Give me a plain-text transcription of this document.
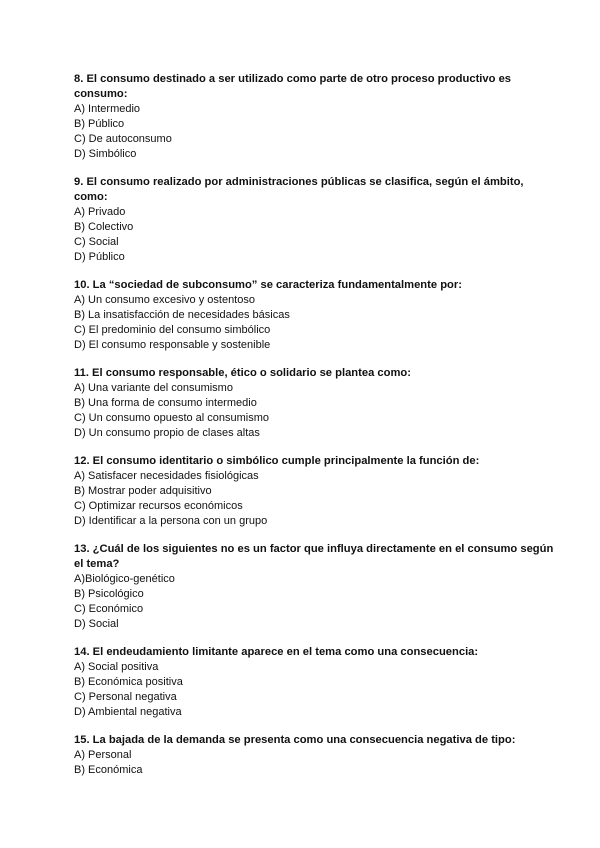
8. El consumo destinado a ser utilizado como parte de otro proceso productivo es consumo:

A) Intermedio

B) Público

C) De autoconsumo

D) Simbólico

9. El consumo realizado por administraciones públicas se clasifica, según el ámbito, como:

A) Privado

B) Colectivo

C) Social

D) Público

10. La “sociedad de subconsumo” se caracteriza fundamentalmente por:

A) Un consumo excesivo y ostentoso

B) La insatisfacción de necesidades básicas

C) El predominio del consumo simbólico

D) El consumo responsable y sostenible

11. El consumo responsable, ético o solidario se plantea como:

A) Una variante del consumismo

B) Una forma de consumo intermedio

C) Un consumo opuesto al consumismo

D) Un consumo propio de clases altas

12. El consumo identitario o simbólico cumple principalmente la función de:

A) Satisfacer necesidades fisiológicas

B) Mostrar poder adquisitivo

C) Optimizar recursos económicos

D) Identificar a la persona con un grupo

13. ¿Cuál de los siguientes no es un factor que influya directamente en el consumo según el tema?

A)Biológico-genético

B) Psicológico

C) Económico

D) Social

14. El endeudamiento limitante aparece en el tema como una consecuencia:

A) Social positiva

B) Económica positiva

C) Personal negativa

D) Ambiental negativa

15. La bajada de la demanda se presenta como una consecuencia negativa de tipo:

A) Personal

B) Económica
